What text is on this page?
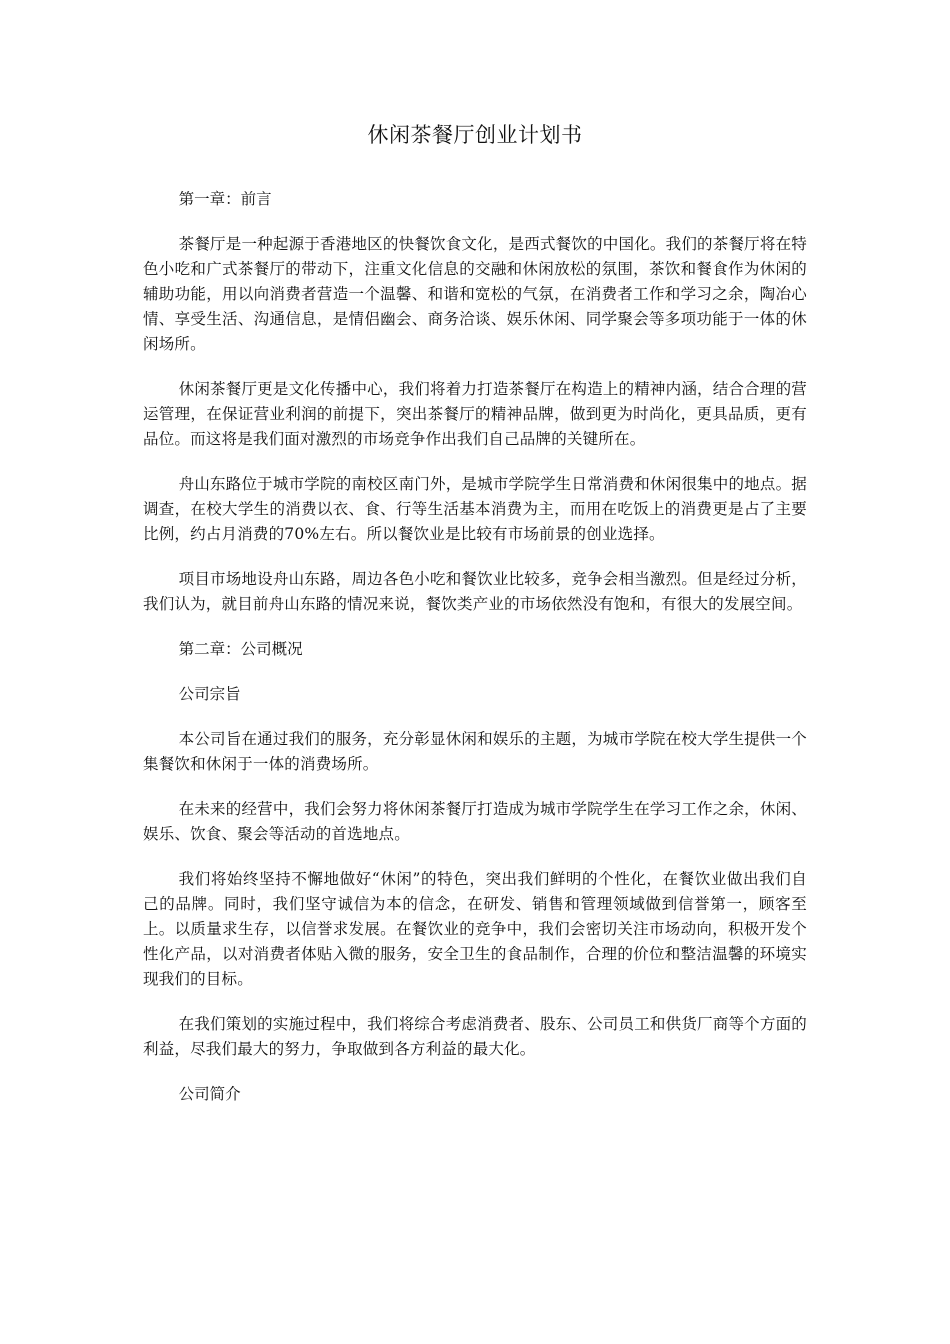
休闲茶餐厅创业计划书

第一章：前言

茶餐厅是一种起源于香港地区的快餐饮食文化，是西式餐饮的中国化。我们的茶餐厅将在特色小吃和广式茶餐厅的带动下，注重文化信息的交融和休闲放松的氛围，茶饮和餐食作为休闲的辅助功能，用以向消费者营造一个温馨、和谐和宽松的气氛，在消费者工作和学习之余，陶冶心情、享受生活、沟通信息，是情侣幽会、商务洽谈、娱乐休闲、同学聚会等多项功能于一体的休闲场所。

休闲茶餐厅更是文化传播中心，我们将着力打造茶餐厅在构造上的精神内涵，结合合理的营运管理，在保证营业利润的前提下，突出茶餐厅的精神品牌，做到更为时尚化，更具品质，更有品位。而这将是我们面对激烈的市场竞争作出我们自己品牌的关键所在。

舟山东路位于城市学院的南校区南门外，是城市学院学生日常消费和休闲很集中的地点。据调查，在校大学生的消费以衣、食、行等生活基本消费为主，而用在吃饭上的消费更是占了主要比例，约占月消费的70%左右。所以餐饮业是比较有市场前景的创业选择。

项目市场地设舟山东路，周边各色小吃和餐饮业比较多，竞争会相当激烈。但是经过分析，我们认为，就目前舟山东路的情况来说，餐饮类产业的市场依然没有饱和，有很大的发展空间。

第二章：公司概况

公司宗旨

本公司旨在通过我们的服务，充分彰显休闲和娱乐的主题，为城市学院在校大学生提供一个集餐饮和休闲于一体的消费场所。

在未来的经营中，我们会努力将休闲茶餐厅打造成为城市学院学生在学习工作之余，休闲、娱乐、饮食、聚会等活动的首选地点。

我们将始终坚持不懈地做好“休闲”的特色，突出我们鲜明的个性化，在餐饮业做出我们自己的品牌。同时，我们坚守诚信为本的信念，在研发、销售和管理领域做到信誉第一，顾客至上。以质量求生存，以信誉求发展。在餐饮业的竞争中，我们会密切关注市场动向，积极开发个性化产品，以对消费者体贴入微的服务，安全卫生的食品制作，合理的价位和整洁温馨的环境实现我们的目标。

在我们策划的实施过程中，我们将综合考虑消费者、股东、公司员工和供货厂商等个方面的利益，尽我们最大的努力，争取做到各方利益的最大化。

公司简介
